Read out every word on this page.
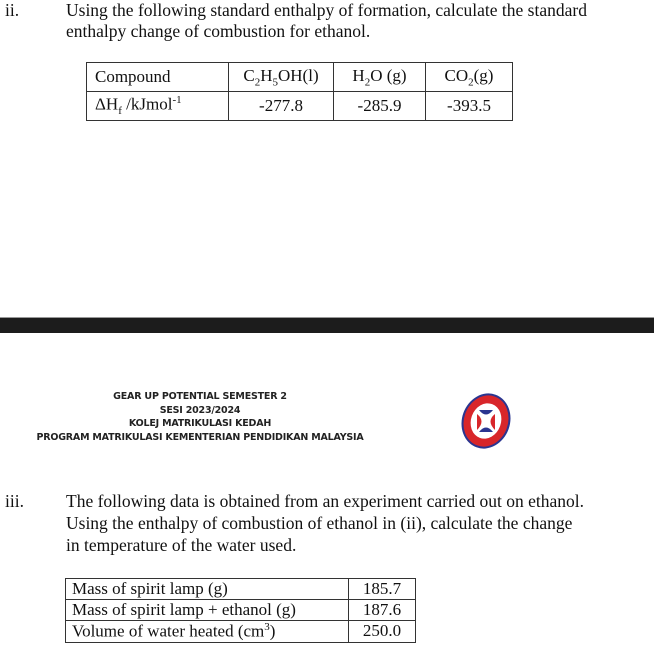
ii.	Using the following standard enthalpy of formation, calculate the standard
enthalpy change of combustion for ethanol.
Compound	$C_2H_5OH(l)$	$H_2O$ (g)	$CO_2(g)$
$\Delta H_f$ /kJmol$^{-1}$	-277.8	-285.9	-393.5
GEAR UP POTENTIAL SEMESTER 2
SESI 2023/2024
KOLEJ MATRIKULASI KEDAH
PROGRAM MATRIKULASI KEMENTERIAN PENDIDIKAN MALAYSIA
iii. The following data is obtained from an experiment carried out on ethanol.
Using the enthalpy of combustion of ethanol in (ii), calculate the change
in temperature of the water used.
Mass of spirit lamp (g)	185.7
Mass of spirit lamp + ethanol (g)	187.6
Volume of water heated $(cm^3)$	250.0
